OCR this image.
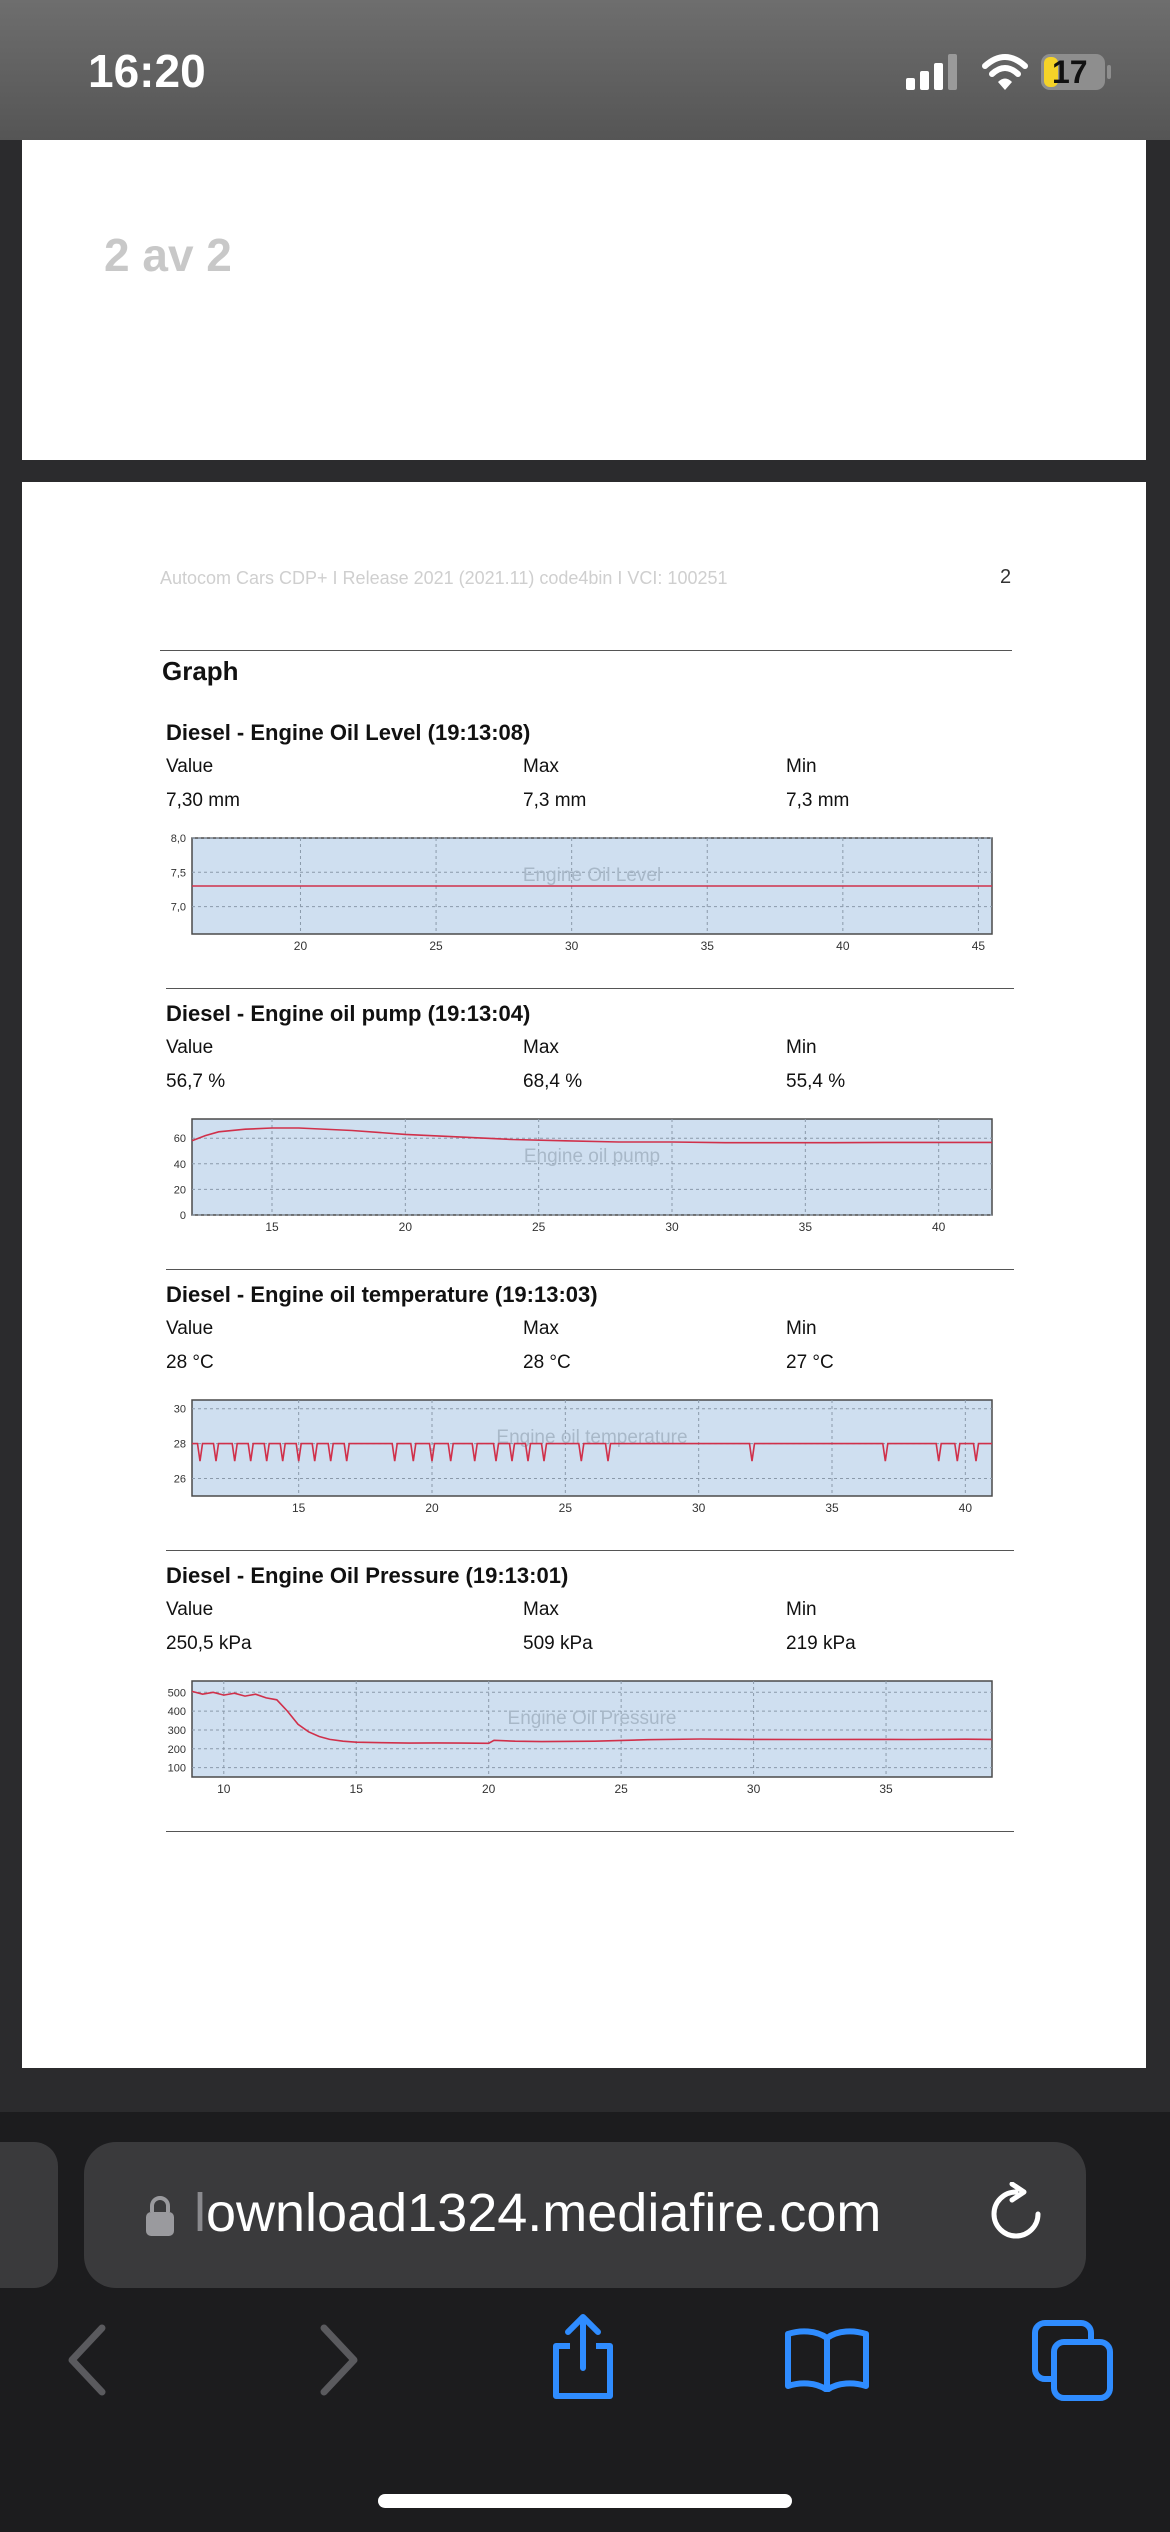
16:20	17
2 av 2
Autocom Cars CDP+ I Release 2021 (2021.11) code4bin I VCI: 100251	2
Graph
Diesel - Engine Oil Level (19:13:08)
Value	Max	Min
7,30 mm	7,3 mm	7,3 mm
20	25	30	35	40	45
8,0
7,5
7,0
Engine Oil Level
Diesel - Engine oil pump (19:13:04)
Value	Max	Min
56,7 %	68,4 %	55,4 %
15	20	25	30	35	40
60
40
20
0
Engine oil pump
Diesel - Engine oil temperature (19:13:03)
Value	Max	Min
28 °C	28 °C	27 °C
15	20	25	30	35	40
30
28
26
Engine oil temperature
Diesel - Engine Oil Pressure (19:13:01)
Value	Max	Min
250,5 kPa	509 kPa	219 kPa
10	15	20	25	30	35
500
400
300
200
100
Engine Oil Pressure
lownload1324.mediafire.com
